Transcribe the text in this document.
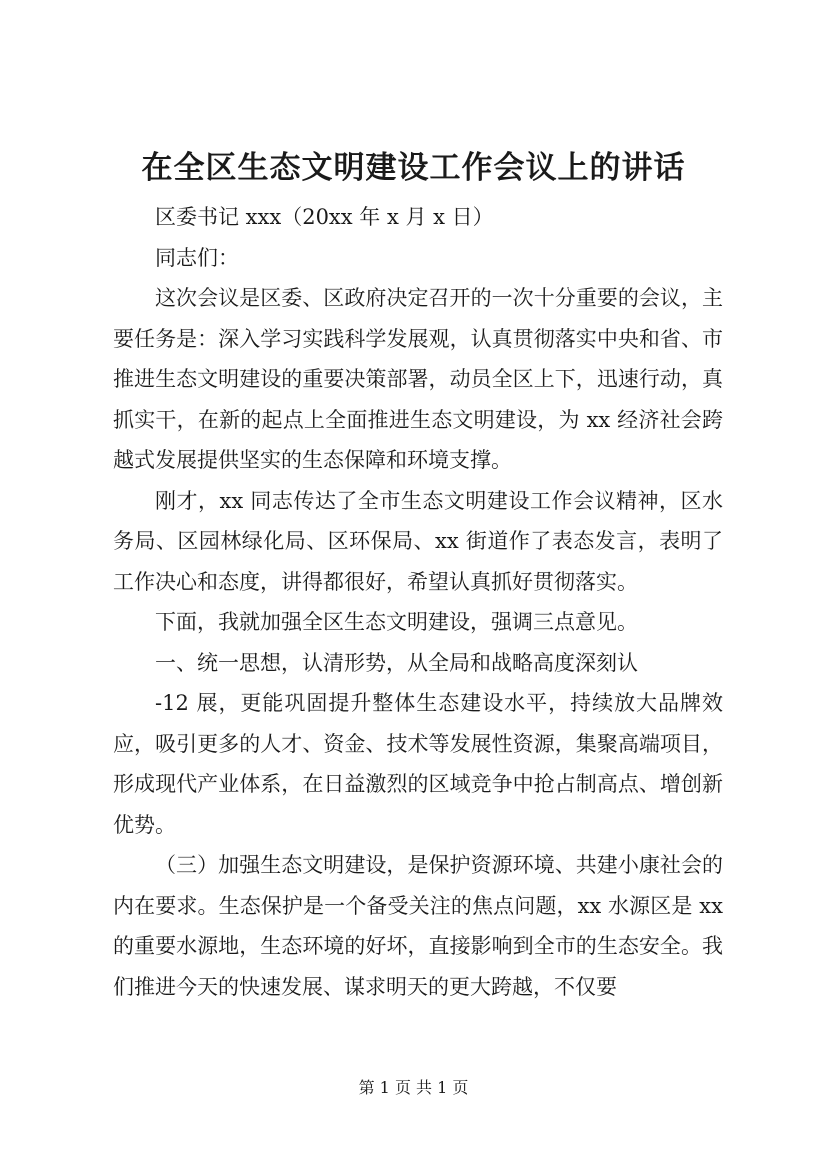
在全区生态文明建设工作会议上的讲话

区委书记 xxx（20xx 年 x 月 x 日）

同志们：

这次会议是区委、区政府决定召开的一次十分重要的会议，主要任务是：深入学习实践科学发展观，认真贯彻落实中央和省、市推进生态文明建设的重要决策部署，动员全区上下，迅速行动，真抓实干，在新的起点上全面推进生态文明建设，为 xx 经济社会跨越式发展提供坚实的生态保障和环境支撑。

刚才，xx 同志传达了全市生态文明建设工作会议精神，区水务局、区园林绿化局、区环保局、xx 街道作了表态发言，表明了工作决心和态度，讲得都很好，希望认真抓好贯彻落实。

下面，我就加强全区生态文明建设，强调三点意见。

一、统一思想，认清形势，从全局和战略高度深刻认

-12 展，更能巩固提升整体生态建设水平，持续放大品牌效应，吸引更多的人才、资金、技术等发展性资源，集聚高端项目，形成现代产业体系，在日益激烈的区域竞争中抢占制高点、增创新优势。

（三）加强生态文明建设，是保护资源环境、共建小康社会的内在要求。生态保护是一个备受关注的焦点问题，xx 水源区是 xx 的重要水源地，生态环境的好坏，直接影响到全市的生态安全。我们推进今天的快速发展、谋求明天的更大跨越，不仅要

第 1 页 共 1 页
